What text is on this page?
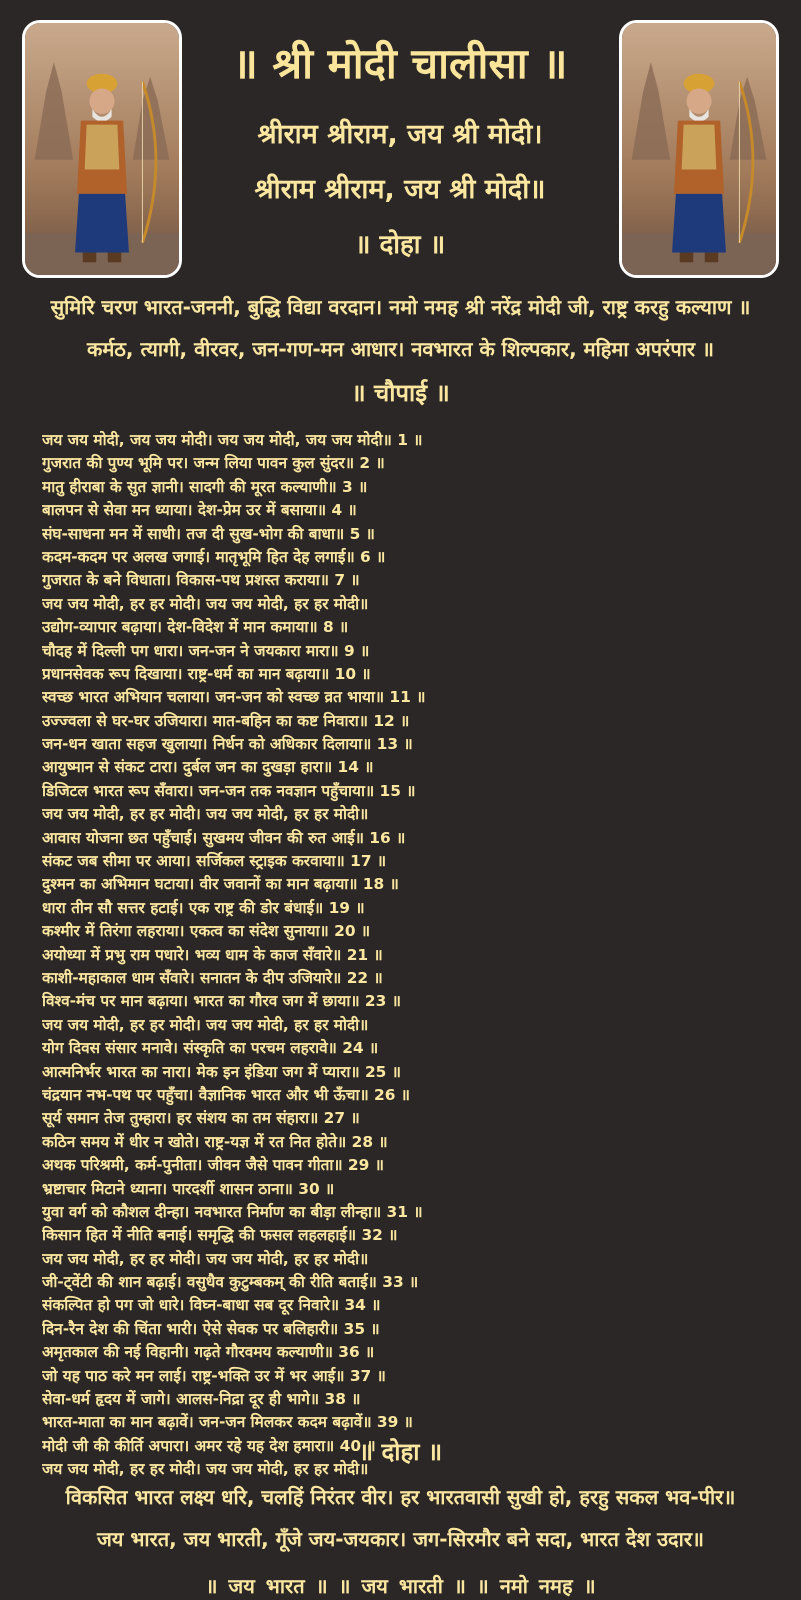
॥ श्री मोदी चालीसा ॥
श्रीराम श्रीराम, जय श्री मोदी।
श्रीराम श्रीराम, जय श्री मोदी॥
॥ दोहा ॥
सुमिरि चरण भारत-जननी, बुद्धि विद्या वरदान। नमो नमह श्री नरेंद्र मोदी जी, राष्ट्र करहु कल्याण ॥
कर्मठ, त्यागी, वीरवर, जन-गण-मन आधार। नवभारत के शिल्पकार, महिमा अपरंपार ॥
॥ चौपाई ॥
जय जय मोदी, जय जय मोदी। जय जय मोदी, जय जय मोदी॥ 1 ॥
गुजरात की पुण्य भूमि पर। जन्म लिया पावन कुल सुंदर॥ 2 ॥
मातु हीराबा के सुत ज्ञानी। सादगी की मूरत कल्याणी॥ 3 ॥
बालपन से सेवा मन ध्याया। देश-प्रेम उर में बसाया॥ 4 ॥
संघ-साधना मन में साधी। तज दी सुख-भोग की बाधा॥ 5 ॥
कदम-कदम पर अलख जगाई। मातृभूमि हित देह लगाई॥ 6 ॥
गुजरात के बने विधाता। विकास-पथ प्रशस्त कराया॥ 7 ॥
जय जय मोदी, हर हर मोदी। जय जय मोदी, हर हर मोदी॥
उद्योग-व्यापार बढ़ाया। देश-विदेश में मान कमाया॥ 8 ॥
चौदह में दिल्ली पग धारा। जन-जन ने जयकारा मारा॥ 9 ॥
प्रधानसेवक रूप दिखाया। राष्ट्र-धर्म का मान बढ़ाया॥ 10 ॥
स्वच्छ भारत अभियान चलाया। जन-जन को स्वच्छ व्रत भाया॥ 11 ॥
उज्ज्वला से घर-घर उजियारा। मात-बहिन का कष्ट निवारा॥ 12 ॥
जन-धन खाता सहज खुलाया। निर्धन को अधिकार दिलाया॥ 13 ॥
आयुष्मान से संकट टारा। दुर्बल जन का दुखड़ा हारा॥ 14 ॥
डिजिटल भारत रूप सँवारा। जन-जन तक नवज्ञान पहुँचाया॥ 15 ॥
जय जय मोदी, हर हर मोदी। जय जय मोदी, हर हर मोदी॥
आवास योजना छत पहुँचाई। सुखमय जीवन की रुत आई॥ 16 ॥
संकट जब सीमा पर आया। सर्जिकल स्ट्राइक करवाया॥ 17 ॥
दुश्मन का अभिमान घटाया। वीर जवानों का मान बढ़ाया॥ 18 ॥
धारा तीन सौ सत्तर हटाई। एक राष्ट्र की डोर बंधाई॥ 19 ॥
कश्मीर में तिरंगा लहराया। एकत्व का संदेश सुनाया॥ 20 ॥
अयोध्या में प्रभु राम पधारे। भव्य धाम के काज सँवारे॥ 21 ॥
काशी-महाकाल धाम सँवारे। सनातन के दीप उजियारे॥ 22 ॥
विश्व-मंच पर मान बढ़ाया। भारत का गौरव जग में छाया॥ 23 ॥
जय जय मोदी, हर हर मोदी। जय जय मोदी, हर हर मोदी॥
योग दिवस संसार मनावे। संस्कृति का परचम लहरावे॥ 24 ॥
आत्मनिर्भर भारत का नारा। मेक इन इंडिया जग में प्यारा॥ 25 ॥
चंद्रयान नभ-पथ पर पहुँचा। वैज्ञानिक भारत और भी ऊँचा॥ 26 ॥
सूर्य समान तेज तुम्हारा। हर संशय का तम संहारा॥ 27 ॥
कठिन समय में धीर न खोते। राष्ट्र-यज्ञ में रत नित होते॥ 28 ॥
अथक परिश्रमी, कर्म-पुनीता। जीवन जैसे पावन गीता॥ 29 ॥
भ्रष्टाचार मिटाने ध्याना। पारदर्शी शासन ठाना॥ 30 ॥
युवा वर्ग को कौशल दीन्हा। नवभारत निर्माण का बीड़ा लीन्हा॥ 31 ॥
किसान हित में नीति बनाई। समृद्धि की फसल लहलहाई॥ 32 ॥
जय जय मोदी, हर हर मोदी। जय जय मोदी, हर हर मोदी॥
जी-ट्वेंटी की शान बढ़ाई। वसुधैव कुटुम्बकम् की रीति बताई॥ 33 ॥
संकल्पित हो पग जो धारे। विघ्न-बाधा सब दूर निवारे॥ 34 ॥
दिन-रैन देश की चिंता भारी। ऐसे सेवक पर बलिहारी॥ 35 ॥
अमृतकाल की नई विहानी। गढ़ते गौरवमय कल्याणी॥ 36 ॥
जो यह पाठ करे मन लाई। राष्ट्र-भक्ति उर में भर आई॥ 37 ॥
सेवा-धर्म हृदय में जागे। आलस-निद्रा दूर ही भागे॥ 38 ॥
भारत-माता का मान बढ़ावें। जन-जन मिलकर कदम बढ़ावें॥ 39 ॥
मोदी जी की कीर्ति अपारा। अमर रहे यह देश हमारा॥ 40 ॥
जय जय मोदी, हर हर मोदी। जय जय मोदी, हर हर मोदी॥
॥ दोहा ॥
विकसित भारत लक्ष्य धरि, चलहिं निरंतर वीर। हर भारतवासी सुखी हो, हरहु सकल भव-पीर॥
जय भारत, जय भारती, गूँजे जय-जयकार। जग-सिरमौर बने सदा, भारत देश उदार॥
॥ जय भारत ॥ ॥ जय भारती ॥ ॥ नमो नमह ॥
